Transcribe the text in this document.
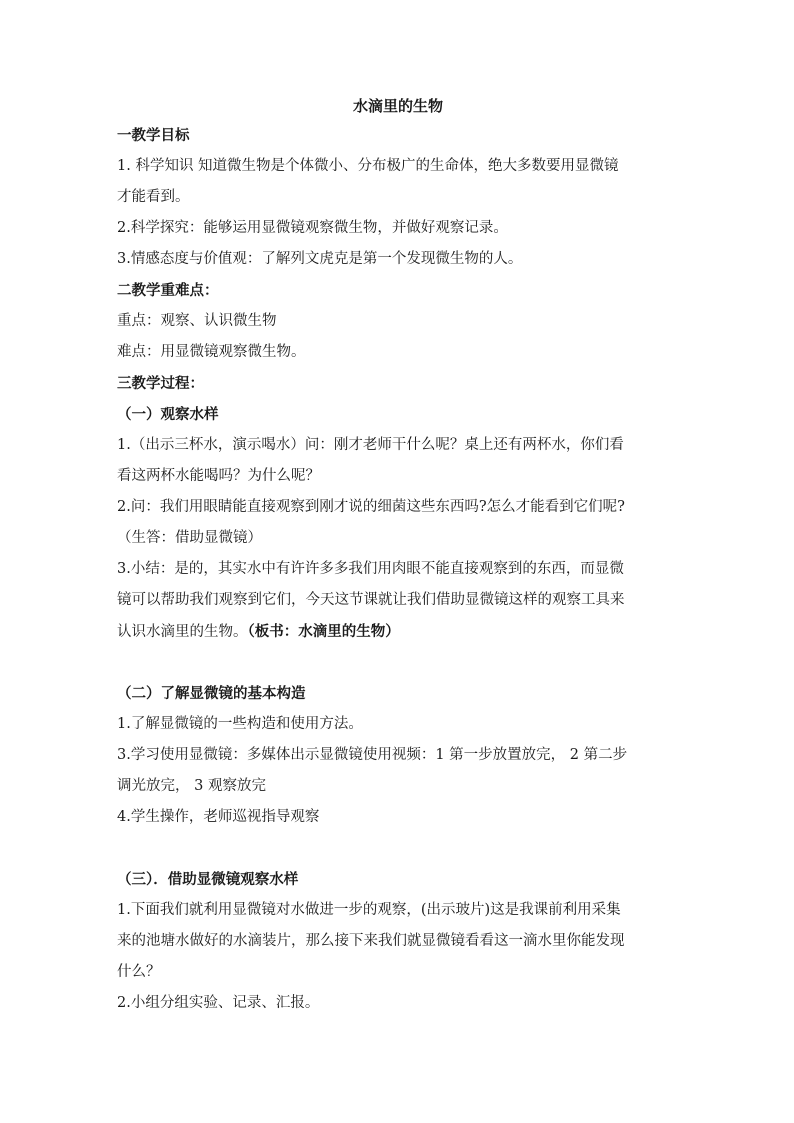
水滴里的生物
一教学目标
1. 科学知识 知道微生物是个体微小、分布极广的生命体，绝大多数要用显微镜
才能看到。
2.科学探究：能够运用显微镜观察微生物，并做好观察记录。
3.情感态度与价值观：了解列文虎克是第一个发现微生物的人。
二教学重难点：
重点：观察、认识微生物
难点：用显微镜观察微生物。
三教学过程：
（一）观察水样
1.（出示三杯水，演示喝水）问：刚才老师干什么呢？桌上还有两杯水，你们看
看这两杯水能喝吗？为什么呢？
2.问：我们用眼睛能直接观察到刚才说的细菌这些东西吗?怎么才能看到它们呢?
（生答：借助显微镜）
3.小结：是的，其实水中有许许多多我们用肉眼不能直接观察到的东西，而显微
镜可以帮助我们观察到它们，今天这节课就让我们借助显微镜这样的观察工具来
认识水滴里的生物。（板书：水滴里的生物）
（二）了解显微镜的基本构造
1.了解显微镜的一些构造和使用方法。
3.学习使用显微镜：多媒体出示显微镜使用视频：1 第一步放置放完， 2 第二步
调光放完， 3 观察放完
4.学生操作，老师巡视指导观察
（三）．借助显微镜观察水样
1.下面我们就利用显微镜对水做进一步的观察，(出示玻片)这是我课前利用采集
来的池塘水做好的水滴装片，那么接下来我们就显微镜看看这一滴水里你能发现
什么？
2.小组分组实验、记录、汇报。
